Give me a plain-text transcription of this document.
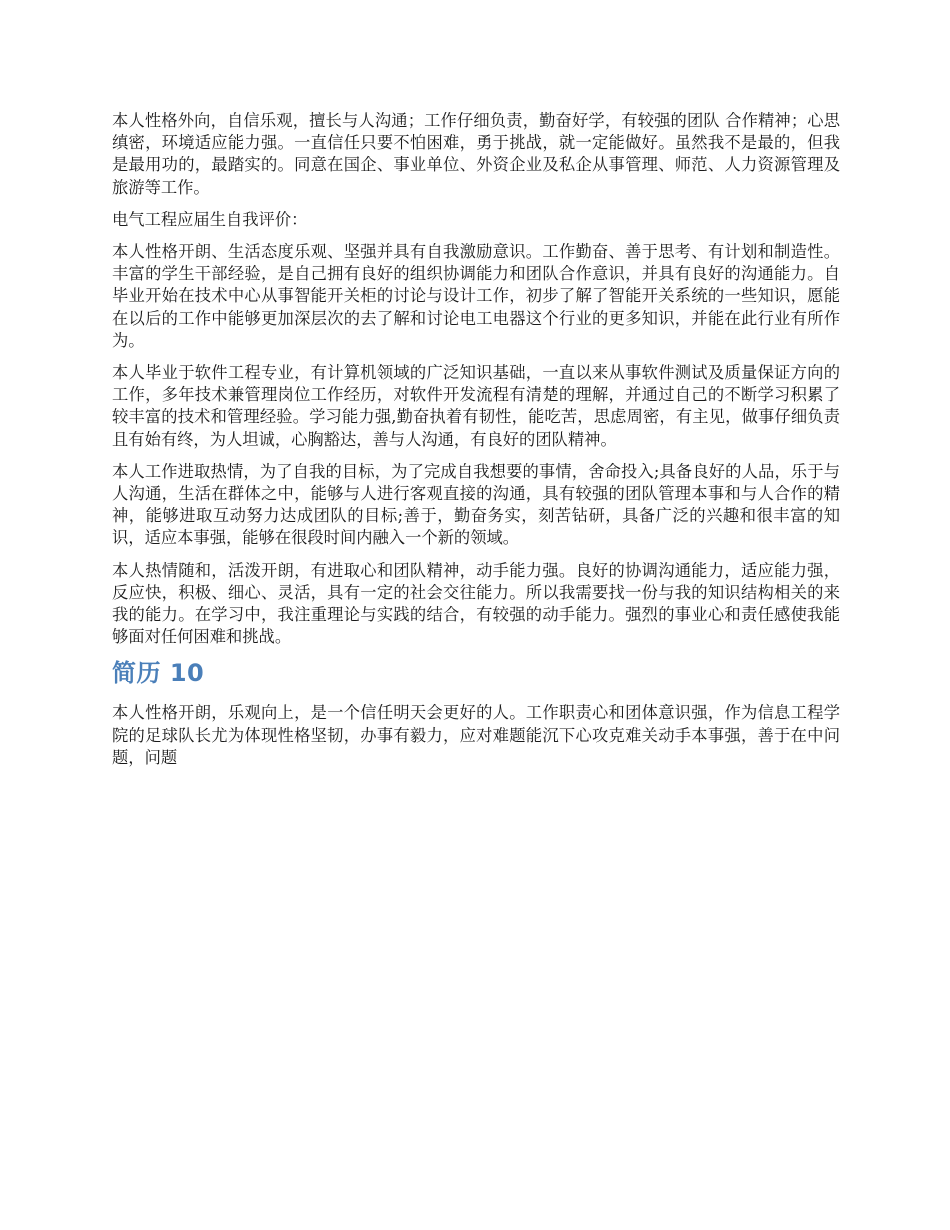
本人性格外向，自信乐观，擅长与人沟通；工作仔细负责，勤奋好学，有较强的团队 合作精神；心思缜密，环境适应能力强。一直信任只要不怕困难，勇于挑战，就一定能做好。虽然我不是最的，但我是最用功的，最踏实的。同意在国企、事业单位、外资企业及私企从事管理、师范、人力资源管理及旅游等工作。

电气工程应届生自我评价：

本人性格开朗、生活态度乐观、坚强并具有自我激励意识。工作勤奋、善于思考、有计划和制造性。丰富的学生干部经验，是自己拥有良好的组织协调能力和团队合作意识，并具有良好的沟通能力。自毕业开始在技术中心从事智能开关柜的讨论与设计工作，初步了解了智能开关系统的一些知识，愿能在以后的工作中能够更加深层次的去了解和讨论电工电器这个行业的更多知识，并能在此行业有所作为。

本人毕业于软件工程专业，有计算机领域的广泛知识基础，一直以来从事软件测试及质量保证方向的工作，多年技术兼管理岗位工作经历，对软件开发流程有清楚的理解，并通过自己的不断学习积累了较丰富的技术和管理经验。学习能力强,勤奋执着有韧性，能吃苦，思虑周密，有主见，做事仔细负责且有始有终，为人坦诚，心胸豁达，善与人沟通，有良好的团队精神。

本人工作进取热情，为了自我的目标，为了完成自我想要的事情，舍命投入;具备良好的人品，乐于与人沟通，生活在群体之中，能够与人进行客观直接的沟通，具有较强的团队管理本事和与人合作的精神，能够进取互动努力达成团队的目标;善于，勤奋务实，刻苦钻研，具备广泛的兴趣和很丰富的知识，适应本事强，能够在很段时间内融入一个新的领域。

本人热情随和，活泼开朗，有进取心和团队精神，动手能力强。良好的协调沟通能力，适应能力强，反应快，积极、细心、灵活，具有一定的社会交往能力。所以我需要找一份与我的知识结构相关的来我的能力。在学习中，我注重理论与实践的结合，有较强的动手能力。强烈的事业心和责任感使我能够面对任何困难和挑战。

简历 10

本人性格开朗，乐观向上，是一个信任明天会更好的人。工作职责心和团体意识强，作为信息工程学院的足球队长尤为体现性格坚韧，办事有毅力，应对难题能沉下心攻克难关动手本事强，善于在中问题，问题
